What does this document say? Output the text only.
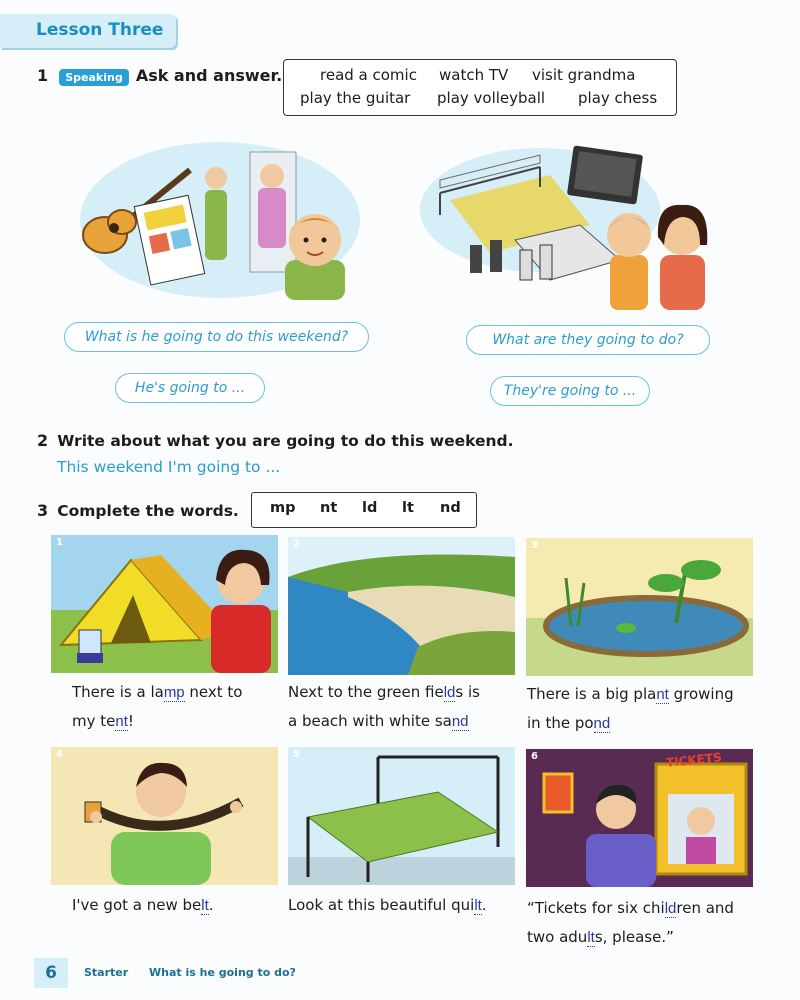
Lesson Three
1 Speaking Ask and answer.	read a comic watch TV visit grandma
play the guitar play volleyball play chess
What is he going to do this weekend?
He's going to ...
What are they going to do?
They're going to ...
2 Write about what you are going to do this weekend.
This weekend I'm going to ...
3 Complete the words. mp nt ld lt nd
1	2	3
There is a lamp next to
my tent!
Next to the green fields is
a beach with white sand
There is a big plant growing
in the pond
4	5	TICKETS
6
I've got a new belt.	Look at this beautiful quilt.	“Tickets for six children and
two adults, please.”
6	Starter What is he going to do?
